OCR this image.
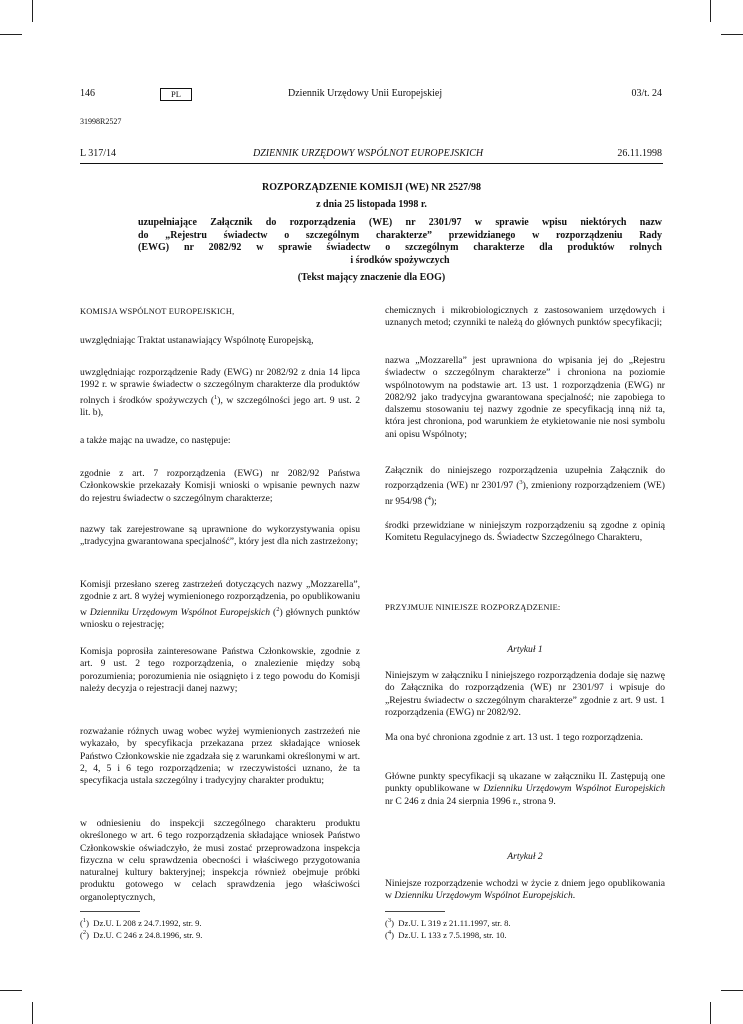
146	PL	Dziennik Urzędowy Unii Europejskiej	03/t. 24
31998R2527
L 317/14	DZIENNIK URZĘDOWY WSPÓLNOT EUROPEJSKICH	26.11.1998
ROZPORZĄDZENIE KOMISJI (WE) NR 2527/98
z dnia 25 listopada 1998 r.
uzupełniające Załącznik do rozporządzenia (WE) nr 2301/97 w sprawie wpisu niektórych nazw
do „Rejestru świadectw o szczególnym charakterze” przewidzianego w rozporządzeniu Rady
(EWG) nr 2082/92 w sprawie świadectw o szczególnym charakterze dla produktów rolnych
i środków spożywczych
(Tekst mający znaczenie dla EOG)
KOMISJA WSPÓLNOT EUROPEJSKICH,
uwzględniając Traktat ustanawiający Wspólnotę Europejską,
uwzględniając rozporządzenie Rady (EWG) nr 2082/92 z dnia 14 lipca 1992 r. w sprawie świadectw o szczególnym charakterze dla produktów rolnych i środków spożywczych ($^1$), w szczególności jego art. 9 ust. 2 lit. b),
a także mając na uwadze, co następuje:
zgodnie z art. 7 rozporządzenia (EWG) nr 2082/92 Państwa Członkowskie przekazały Komisji wnioski o wpisanie pewnych nazw do rejestru świadectw o szczególnym charakterze;
nazwy tak zarejestrowane są uprawnione do wykorzystywania opisu „tradycyjna gwarantowana specjalność”, który jest dla nich zastrzeżony;
Komisji przesłano szereg zastrzeżeń dotyczących nazwy „Mozzarella”, zgodnie z art. 8 wyżej wymienionego rozporządzenia, po opublikowaniu w Dzienniku Urzędowym Wspólnot Europejskich ($^2$) głównych punktów wniosku o rejestrację;
Komisja poprosiła zainteresowane Państwa Członkowskie, zgodnie z art. 9 ust. 2 tego rozporządzenia, o znalezienie między sobą porozumienia; porozumienia nie osiągnięto i z tego powodu do Komisji należy decyzja o rejestracji danej nazwy;
rozważanie różnych uwag wobec wyżej wymienionych zastrzeżeń nie wykazało, by specyfikacja przekazana przez składające wniosek Państwo Członkowskie nie zgadzała się z warunkami określonymi w art. 2, 4, 5 i 6 tego rozporządzenia; w rzeczywistości uznano, że ta specyfikacja ustala szczególny i tradycyjny charakter produktu;
w odniesieniu do inspekcji szczególnego charakteru produktu określonego w art. 6 tego rozporządzenia składające wniosek Państwo Członkowskie oświadczyło, że musi zostać przeprowadzona inspekcja fizyczna w celu sprawdzenia obecności i właściwego przygotowania naturalnej kultury bakteryjnej; inspekcja również obejmuje próbki produktu gotowego w celach sprawdzenia jego właściwości organoleptycznych,
($^1$)  Dz.U. L 208 z 24.7.1992, str. 9.
($^2$)  Dz.U. C 246 z 24.8.1996, str. 9.
chemicznych i mikrobiologicznych z zastosowaniem urzędowych i uznanych metod; czynniki te należą do głównych punktów specyfikacji;
nazwa „Mozzarella” jest uprawniona do wpisania jej do „Rejestru świadectw o szczególnym charakterze” i chroniona na poziomie wspólnotowym na podstawie art. 13 ust. 1 rozporządzenia (EWG) nr 2082/92 jako tradycyjna gwarantowana specjalność; nie zapobiega to dalszemu stosowaniu tej nazwy zgodnie ze specyfikacją inną niż ta, która jest chroniona, pod warunkiem że etykietowanie nie nosi symbolu ani opisu Wspólnoty;
Załącznik do niniejszego rozporządzenia uzupełnia Załącznik do rozporządzenia (WE) nr 2301/97 ($^3$), zmieniony rozporządzeniem (WE) nr 954/98 ($^4$);
środki przewidziane w niniejszym rozporządzeniu są zgodne z opinią Komitetu Regulacyjnego ds. Świadectw Szczególnego Charakteru,
PRZYJMUJE NINIEJSZE ROZPORZĄDZENIE:
Artykuł 1
Niniejszym w załączniku I niniejszego rozporządzenia dodaje się nazwę do Załącznika do rozporządzenia (WE) nr 2301/97 i wpisuje do „Rejestru świadectw o szczególnym charakterze” zgodnie z art. 9 ust. 1 rozporządzenia (EWG) nr 2082/92.
Ma ona być chroniona zgodnie z art. 13 ust. 1 tego rozporządzenia.
Główne punkty specyfikacji są ukazane w załączniku II. Zastępują one punkty opublikowane w Dzienniku Urzędowym Wspólnot Europejskich nr C 246 z dnia 24 sierpnia 1996 r., strona 9.
Artykuł 2
Niniejsze rozporządzenie wchodzi w życie z dniem jego opublikowania w Dzienniku Urzędowym Wspólnot Europejskich.
($^3$)  Dz.U. L 319 z 21.11.1997, str. 8.
($^4$)  Dz.U. L 133 z 7.5.1998, str. 10.
